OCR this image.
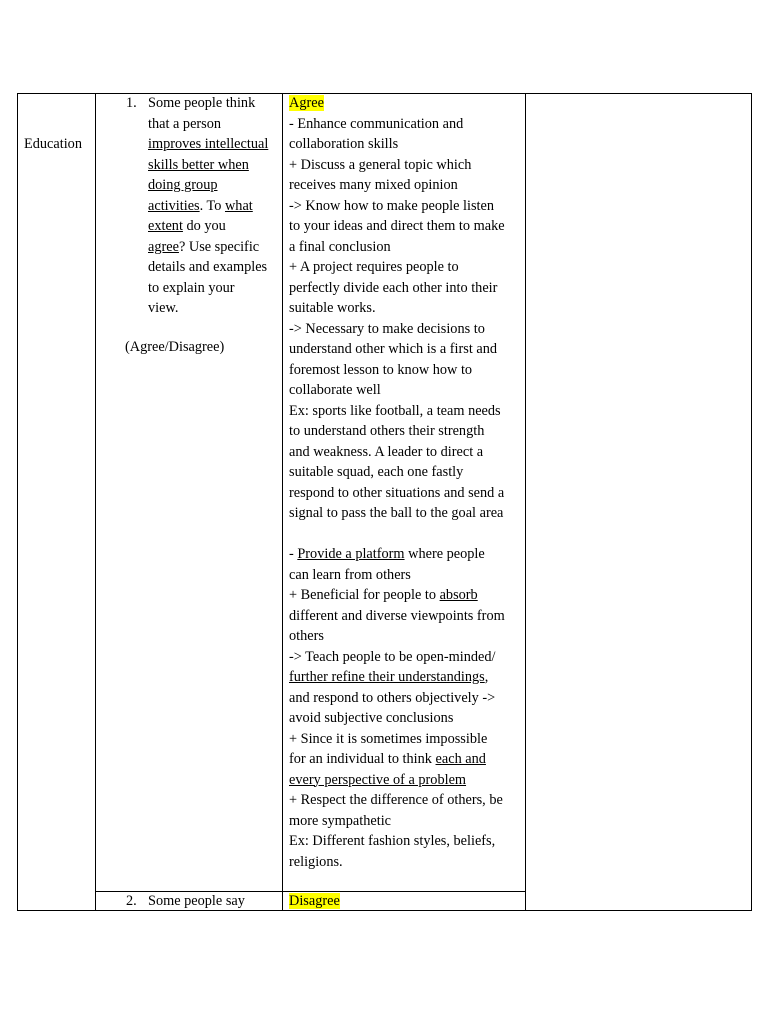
Education
1. Some people think
that a person
improves intellectual
skills better when
doing group
activities. To what
extent do you
agree? Use specific
details and examples
to explain your
view.
(Agree/Disagree)
2. Some people say
Agree
- Enhance communication and
collaboration skills
+ Discuss a general topic which
receives many mixed opinion
-> Know how to make people listen
to your ideas and direct them to make
a final conclusion
+ A project requires people to
perfectly divide each other into their
suitable works.
-> Necessary to make decisions to
understand other which is a first and
foremost lesson to know how to
collaborate well
Ex: sports like football, a team needs
to understand others their strength
and weakness. A leader to direct a
suitable squad, each one fastly
respond to other situations and send a
signal to pass the ball to the goal area

- Provide a platform where people
can learn from others
+ Beneficial for people to absorb
different and diverse viewpoints from
others
-> Teach people to be open-minded/
further refine their understandings,
and respond to others objectively ->
avoid subjective conclusions
+ Since it is sometimes impossible
for an individual to think each and
every perspective of a problem
+ Respect the difference of others, be
more sympathetic
Ex: Different fashion styles, beliefs,
religions.
Disagree
